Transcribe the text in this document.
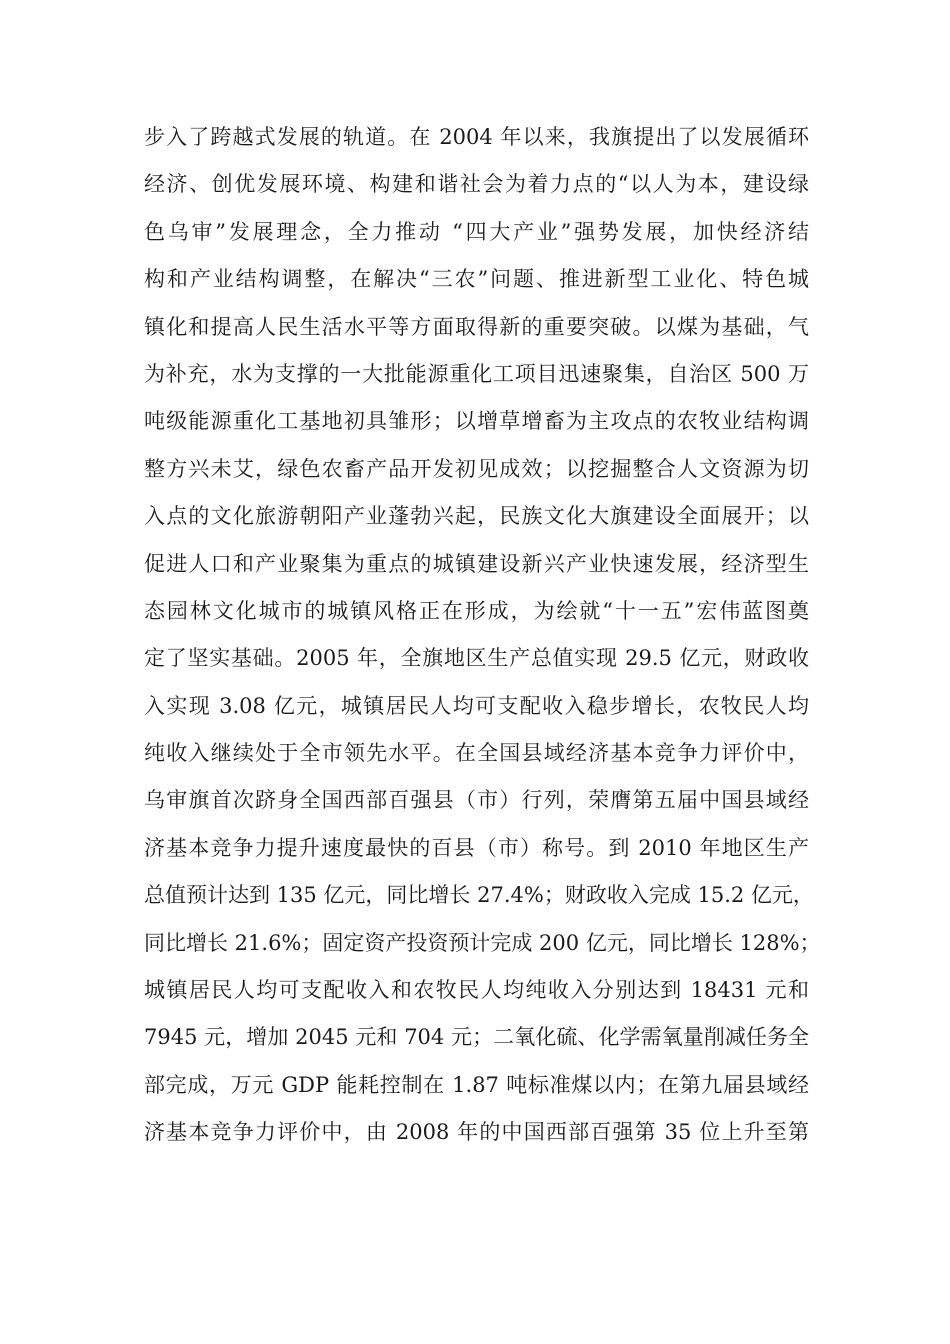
步入了跨越式发展的轨道。在 2004 年以来，我旗提出了以发展循环
经济、创优发展环境、构建和谐社会为着力点的“以人为本，建设绿
色乌审”发展理念，全力推动 “四大产业”强势发展，加快经济结
构和产业结构调整，在解决“三农”问题、推进新型工业化、特色城
镇化和提高人民生活水平等方面取得新的重要突破。以煤为基础，气
为补充，水为支撑的一大批能源重化工项目迅速聚集，自治区 500 万
吨级能源重化工基地初具雏形；以增草增畜为主攻点的农牧业结构调
整方兴未艾，绿色农畜产品开发初见成效；以挖掘整合人文资源为切
入点的文化旅游朝阳产业蓬勃兴起，民族文化大旗建设全面展开；以
促进人口和产业聚集为重点的城镇建设新兴产业快速发展，经济型生
态园林文化城市的城镇风格正在形成，为绘就“十一五”宏伟蓝图奠
定了坚实基础。2005 年，全旗地区生产总值实现 29.5 亿元，财政收
入实现 3.08 亿元，城镇居民人均可支配收入稳步增长，农牧民人均
纯收入继续处于全市领先水平。在全国县域经济基本竞争力评价中，
乌审旗首次跻身全国西部百强县（市）行列，荣膺第五届中国县域经
济基本竞争力提升速度最快的百县（市）称号。到 2010 年地区生产
总值预计达到 135 亿元，同比增长 27.4%；财政收入完成 15.2 亿元，
同比增长 21.6%；固定资产投资预计完成 200 亿元，同比增长 128%；
城镇居民人均可支配收入和农牧民人均纯收入分别达到 18431 元和
7945 元，增加 2045 元和 704 元；二氧化硫、化学需氧量削减任务全
部完成，万元 GDP 能耗控制在 1.87 吨标准煤以内；在第九届县域经
济基本竞争力评价中，由 2008 年的中国西部百强第 35 位上升至第
